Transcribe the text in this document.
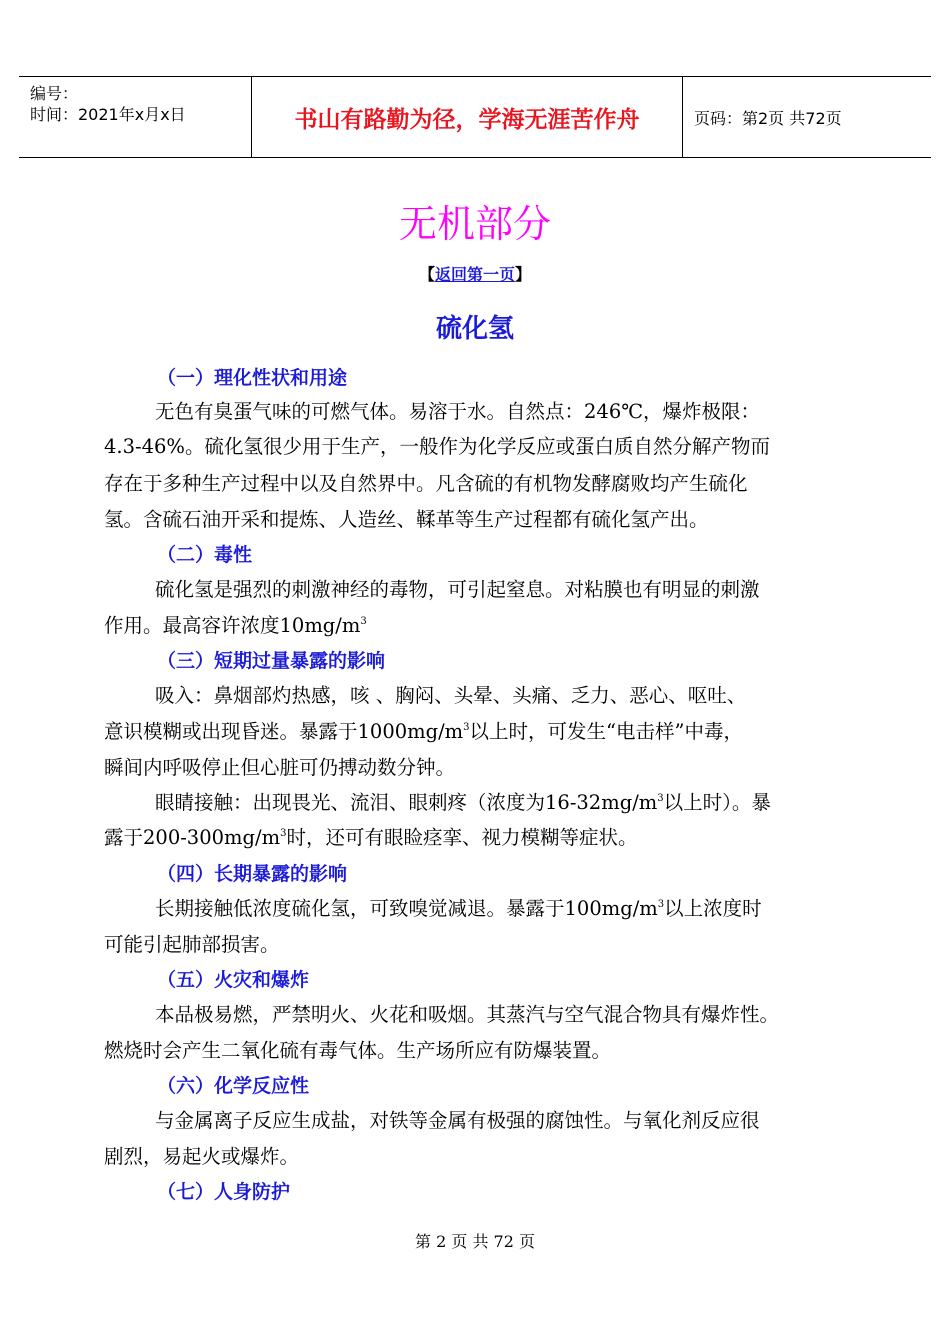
编号：
时间：2021年x月x日	书山有路勤为径，学海无涯苦作舟	页码：第2页 共72页
无机部分
【返回第一页】
硫化氢
（一）理化性状和用途
无色有臭蛋气味的可燃气体。易溶于水。自然点：246℃，爆炸极限：
4.3-46%。硫化氢很少用于生产，一般作为化学反应或蛋白质自然分解产物而
存在于多种生产过程中以及自然界中。凡含硫的有机物发酵腐败均产生硫化
氢。含硫石油开采和提炼、人造丝、鞣革等生产过程都有硫化氢产出。
（二）毒性
硫化氢是强烈的刺激神经的毒物，可引起窒息。对粘膜也有明显的刺激
作用。最高容许浓度$10mg/m^3$
（三）短期过量暴露的影响
吸入：鼻烟部灼热感，咳 、胸闷、头晕、头痛、乏力、恶心、呕吐、
意识模糊或出现昏迷。暴露于$1000mg/m^3$以上时，可发生“电击样”中毒，
瞬间内呼吸停止但心脏可仍搏动数分钟。
眼睛接触：出现畏光、流泪、眼刺疼（浓度为$16-32mg/m^3$以上时）。暴
露于$200-300mg/m^3$时，还可有眼睑痉挛、视力模糊等症状。
（四）长期暴露的影响
长期接触低浓度硫化氢，可致嗅觉减退。暴露于$100mg/m^3$以上浓度时
可能引起肺部损害。
（五）火灾和爆炸
本品极易燃，严禁明火、火花和吸烟。其蒸汽与空气混合物具有爆炸性。
燃烧时会产生二氧化硫有毒气体。生产场所应有防爆装置。
（六）化学反应性
与金属离子反应生成盐，对铁等金属有极强的腐蚀性。与氧化剂反应很
剧烈，易起火或爆炸。
（七）人身防护
第 2 页 共 72 页
